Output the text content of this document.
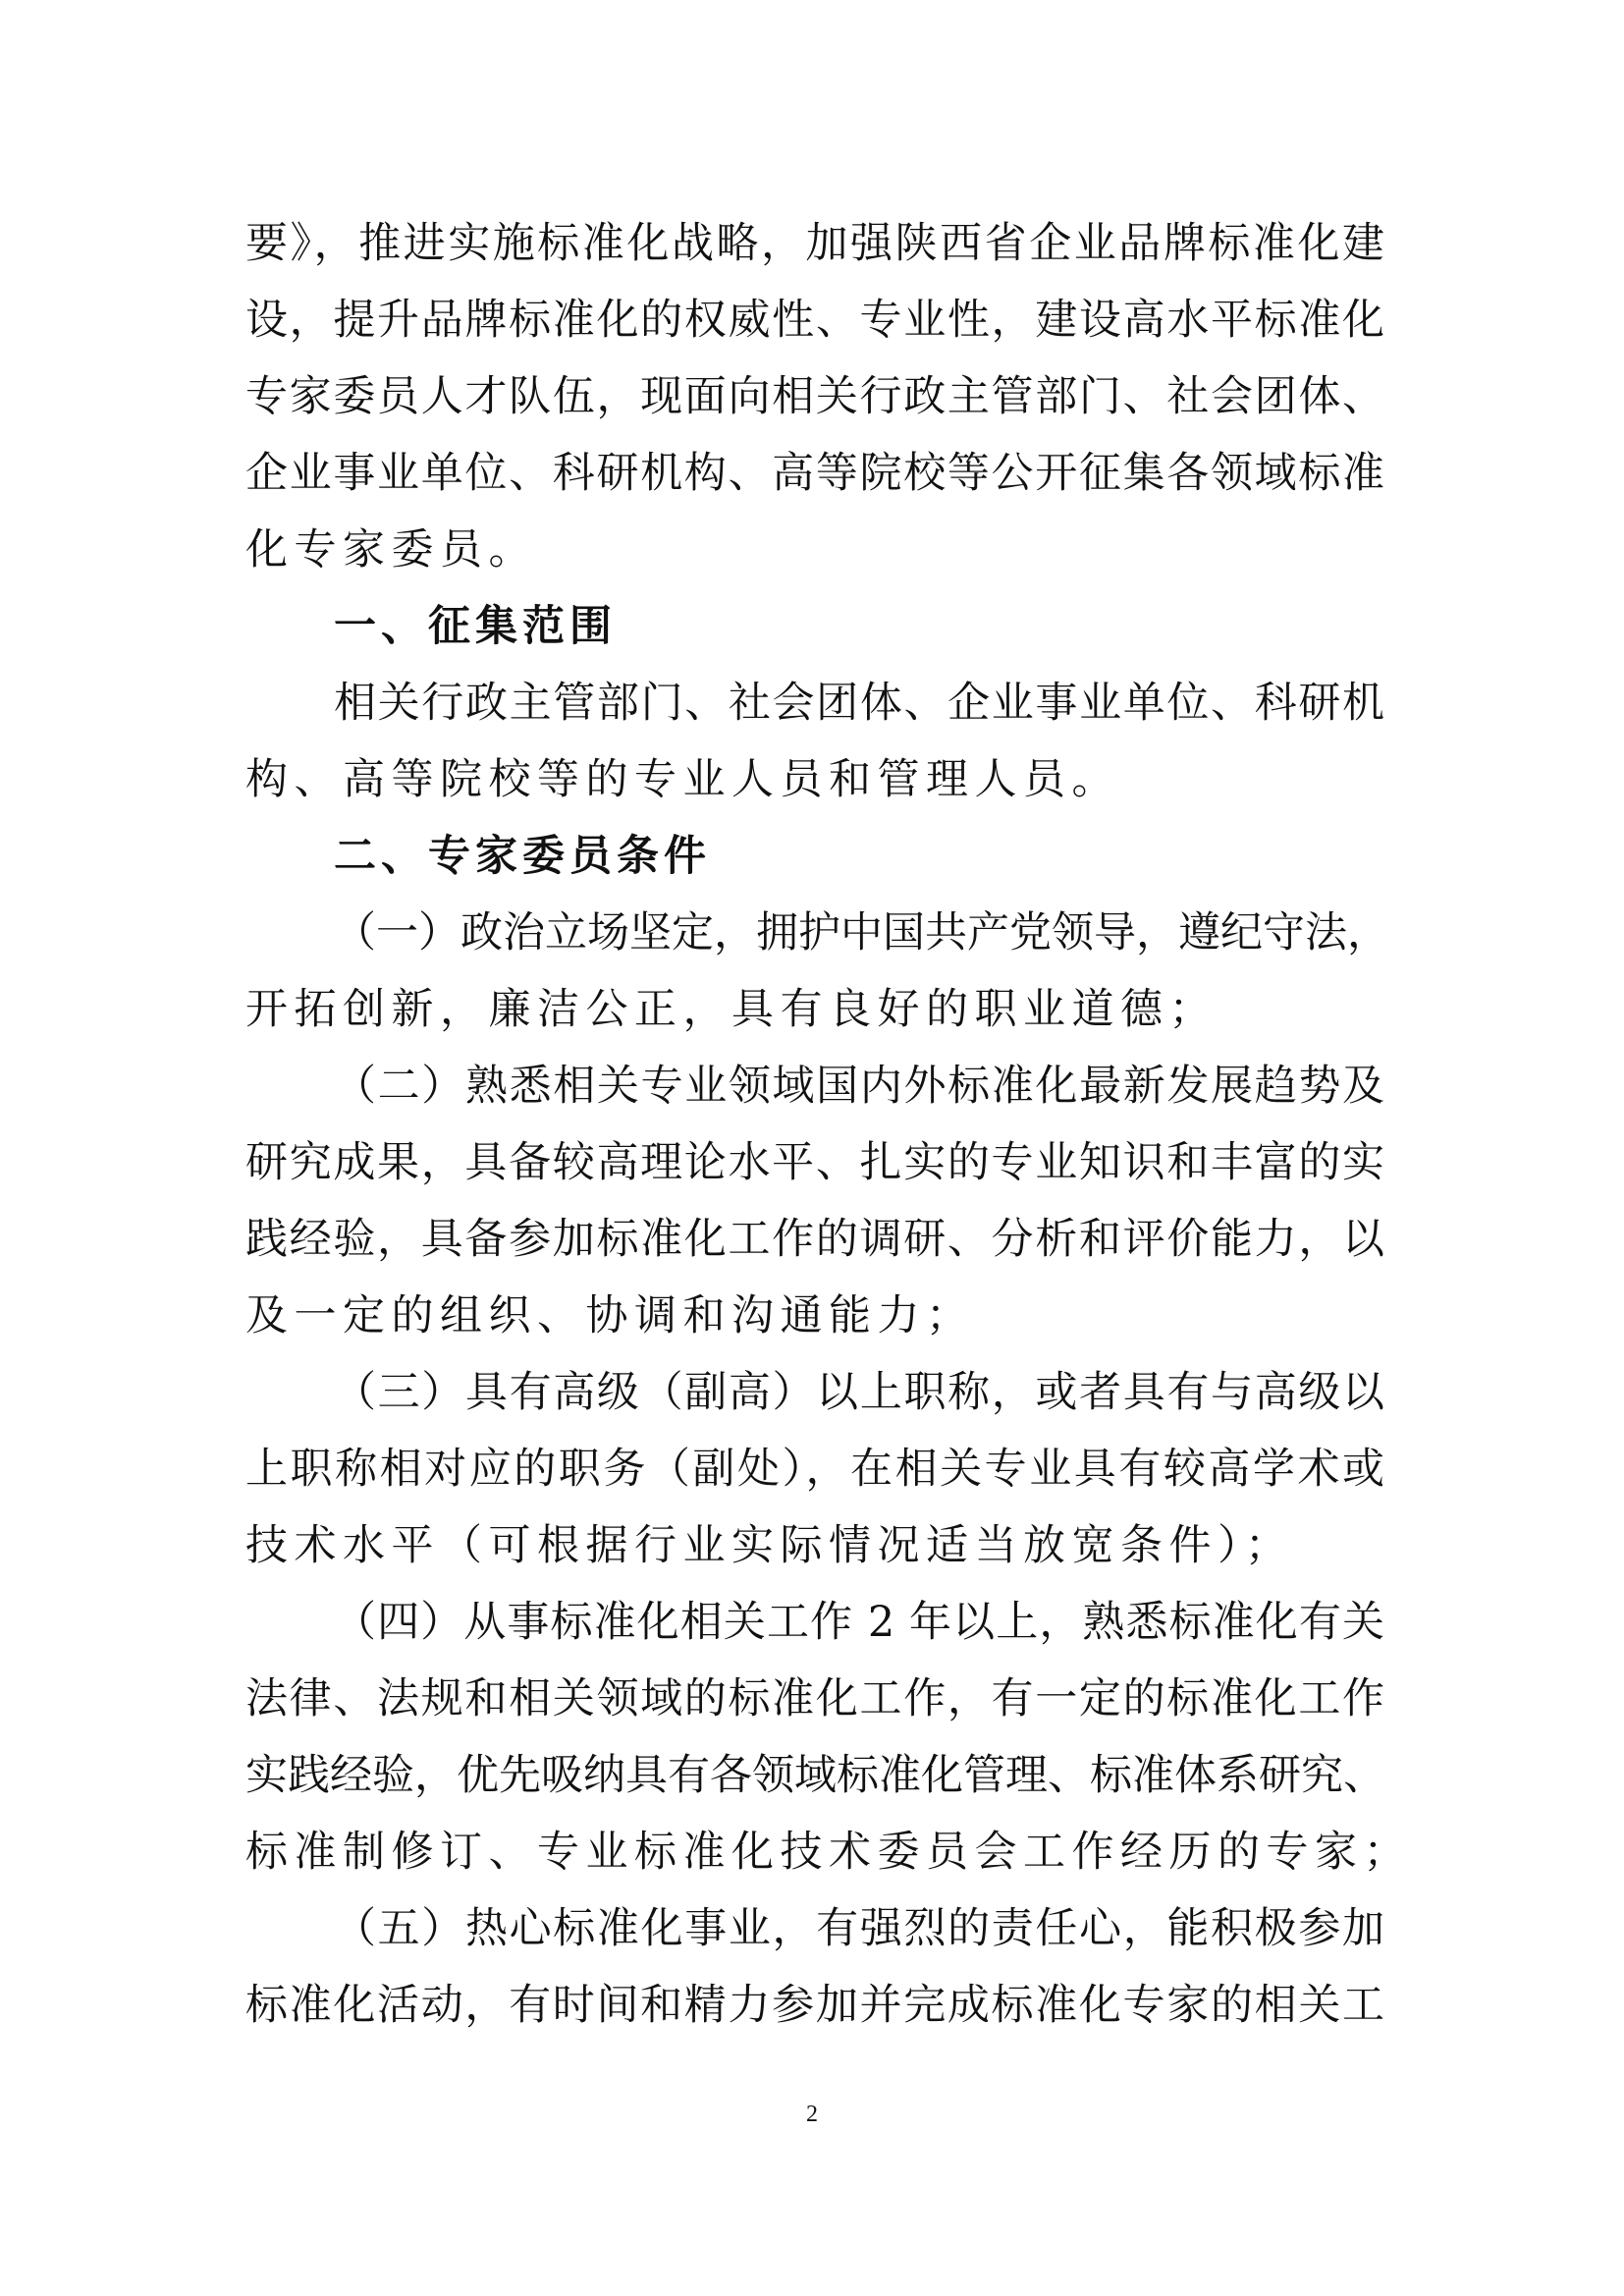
要》，推进实施标准化战略，加强陕西省企业品牌标准化建
设，提升品牌标准化的权威性、专业性，建设高水平标准化
专家委员人才队伍，现面向相关行政主管部门、社会团体、
企业事业单位、科研机构、高等院校等公开征集各领域标准
化专家委员。
一、征集范围
相关行政主管部门、社会团体、企业事业单位、科研机
构、高等院校等的专业人员和管理人员。
二、专家委员条件
（一）政治立场坚定，拥护中国共产党领导，遵纪守法，
开拓创新，廉洁公正，具有良好的职业道德；
（二）熟悉相关专业领域国内外标准化最新发展趋势及
研究成果，具备较高理论水平、扎实的专业知识和丰富的实
践经验，具备参加标准化工作的调研、分析和评价能力，以
及一定的组织、协调和沟通能力；
（三）具有高级（副高）以上职称，或者具有与高级以
上职称相对应的职务（副处），在相关专业具有较高学术或
技术水平（可根据行业实际情况适当放宽条件）；
（四）从事标准化相关工作 2 年以上，熟悉标准化有关
法律、法规和相关领域的标准化工作，有一定的标准化工作
实践经验，优先吸纳具有各领域标准化管理、标准体系研究、
标准制修订、专业标准化技术委员会工作经历的专家；
（五）热心标准化事业，有强烈的责任心，能积极参加
标准化活动，有时间和精力参加并完成标准化专家的相关工
2
